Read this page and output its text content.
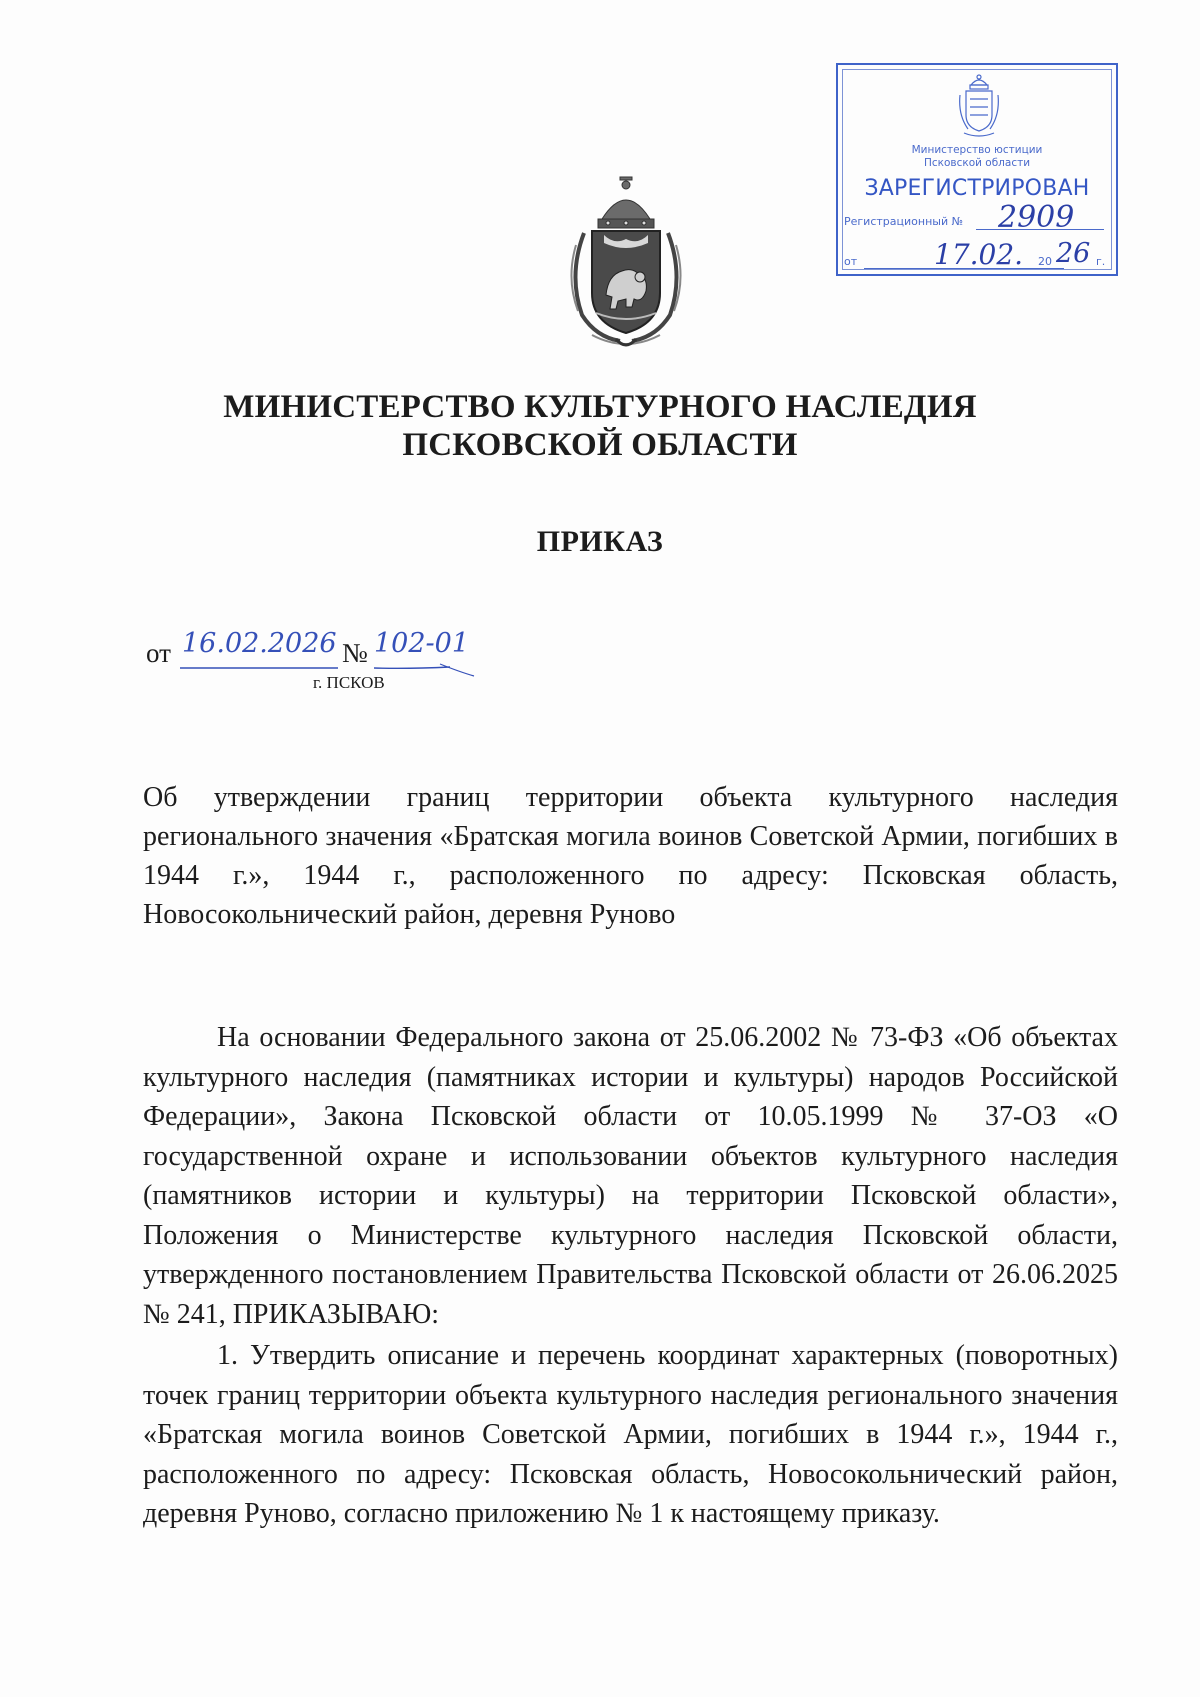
Министерство юстиции
Псковской области
ЗАРЕГИСТРИРОВАН
Регистрационный № 2909
от	17.02. 20 26 г.
МИНИСТЕРСТВО КУЛЬТУРНОГО НАСЛЕДИЯ
ПСКОВСКОЙ ОБЛАСТИ
ПРИКАЗ
от 16.02.2026 № 102-01
г. ПСКОВ
Об утверждении границ территории объекта культурного наследия регионального значения «Братская могила воинов Советской Армии, погибших в 1944 г.», 1944 г., расположенного по адресу: Псковская область, Новосокольнический район, деревня Руново
На основании Федерального закона от 25.06.2002 № 73-ФЗ «Об объектах культурного наследия (памятниках истории и культуры) народов Российской Федерации», Закона Псковской области от 10.05.1999 № 37-ОЗ «О государственной охране и использовании объектов культурного наследия (памятников истории и культуры) на территории Псковской области», Положения о Министерстве культурного наследия Псковской области, утвержденного постановлением Правительства Псковской области от 26.06.2025 № 241, ПРИКАЗЫВАЮ:
1. Утвердить описание и перечень координат характерных (поворотных) точек границ территории объекта культурного наследия регионального значения «Братская могила воинов Советской Армии, погибших в 1944 г.», 1944 г., расположенного по адресу: Псковская область, Новосокольнический район, деревня Руново, согласно приложению № 1 к настоящему приказу.
